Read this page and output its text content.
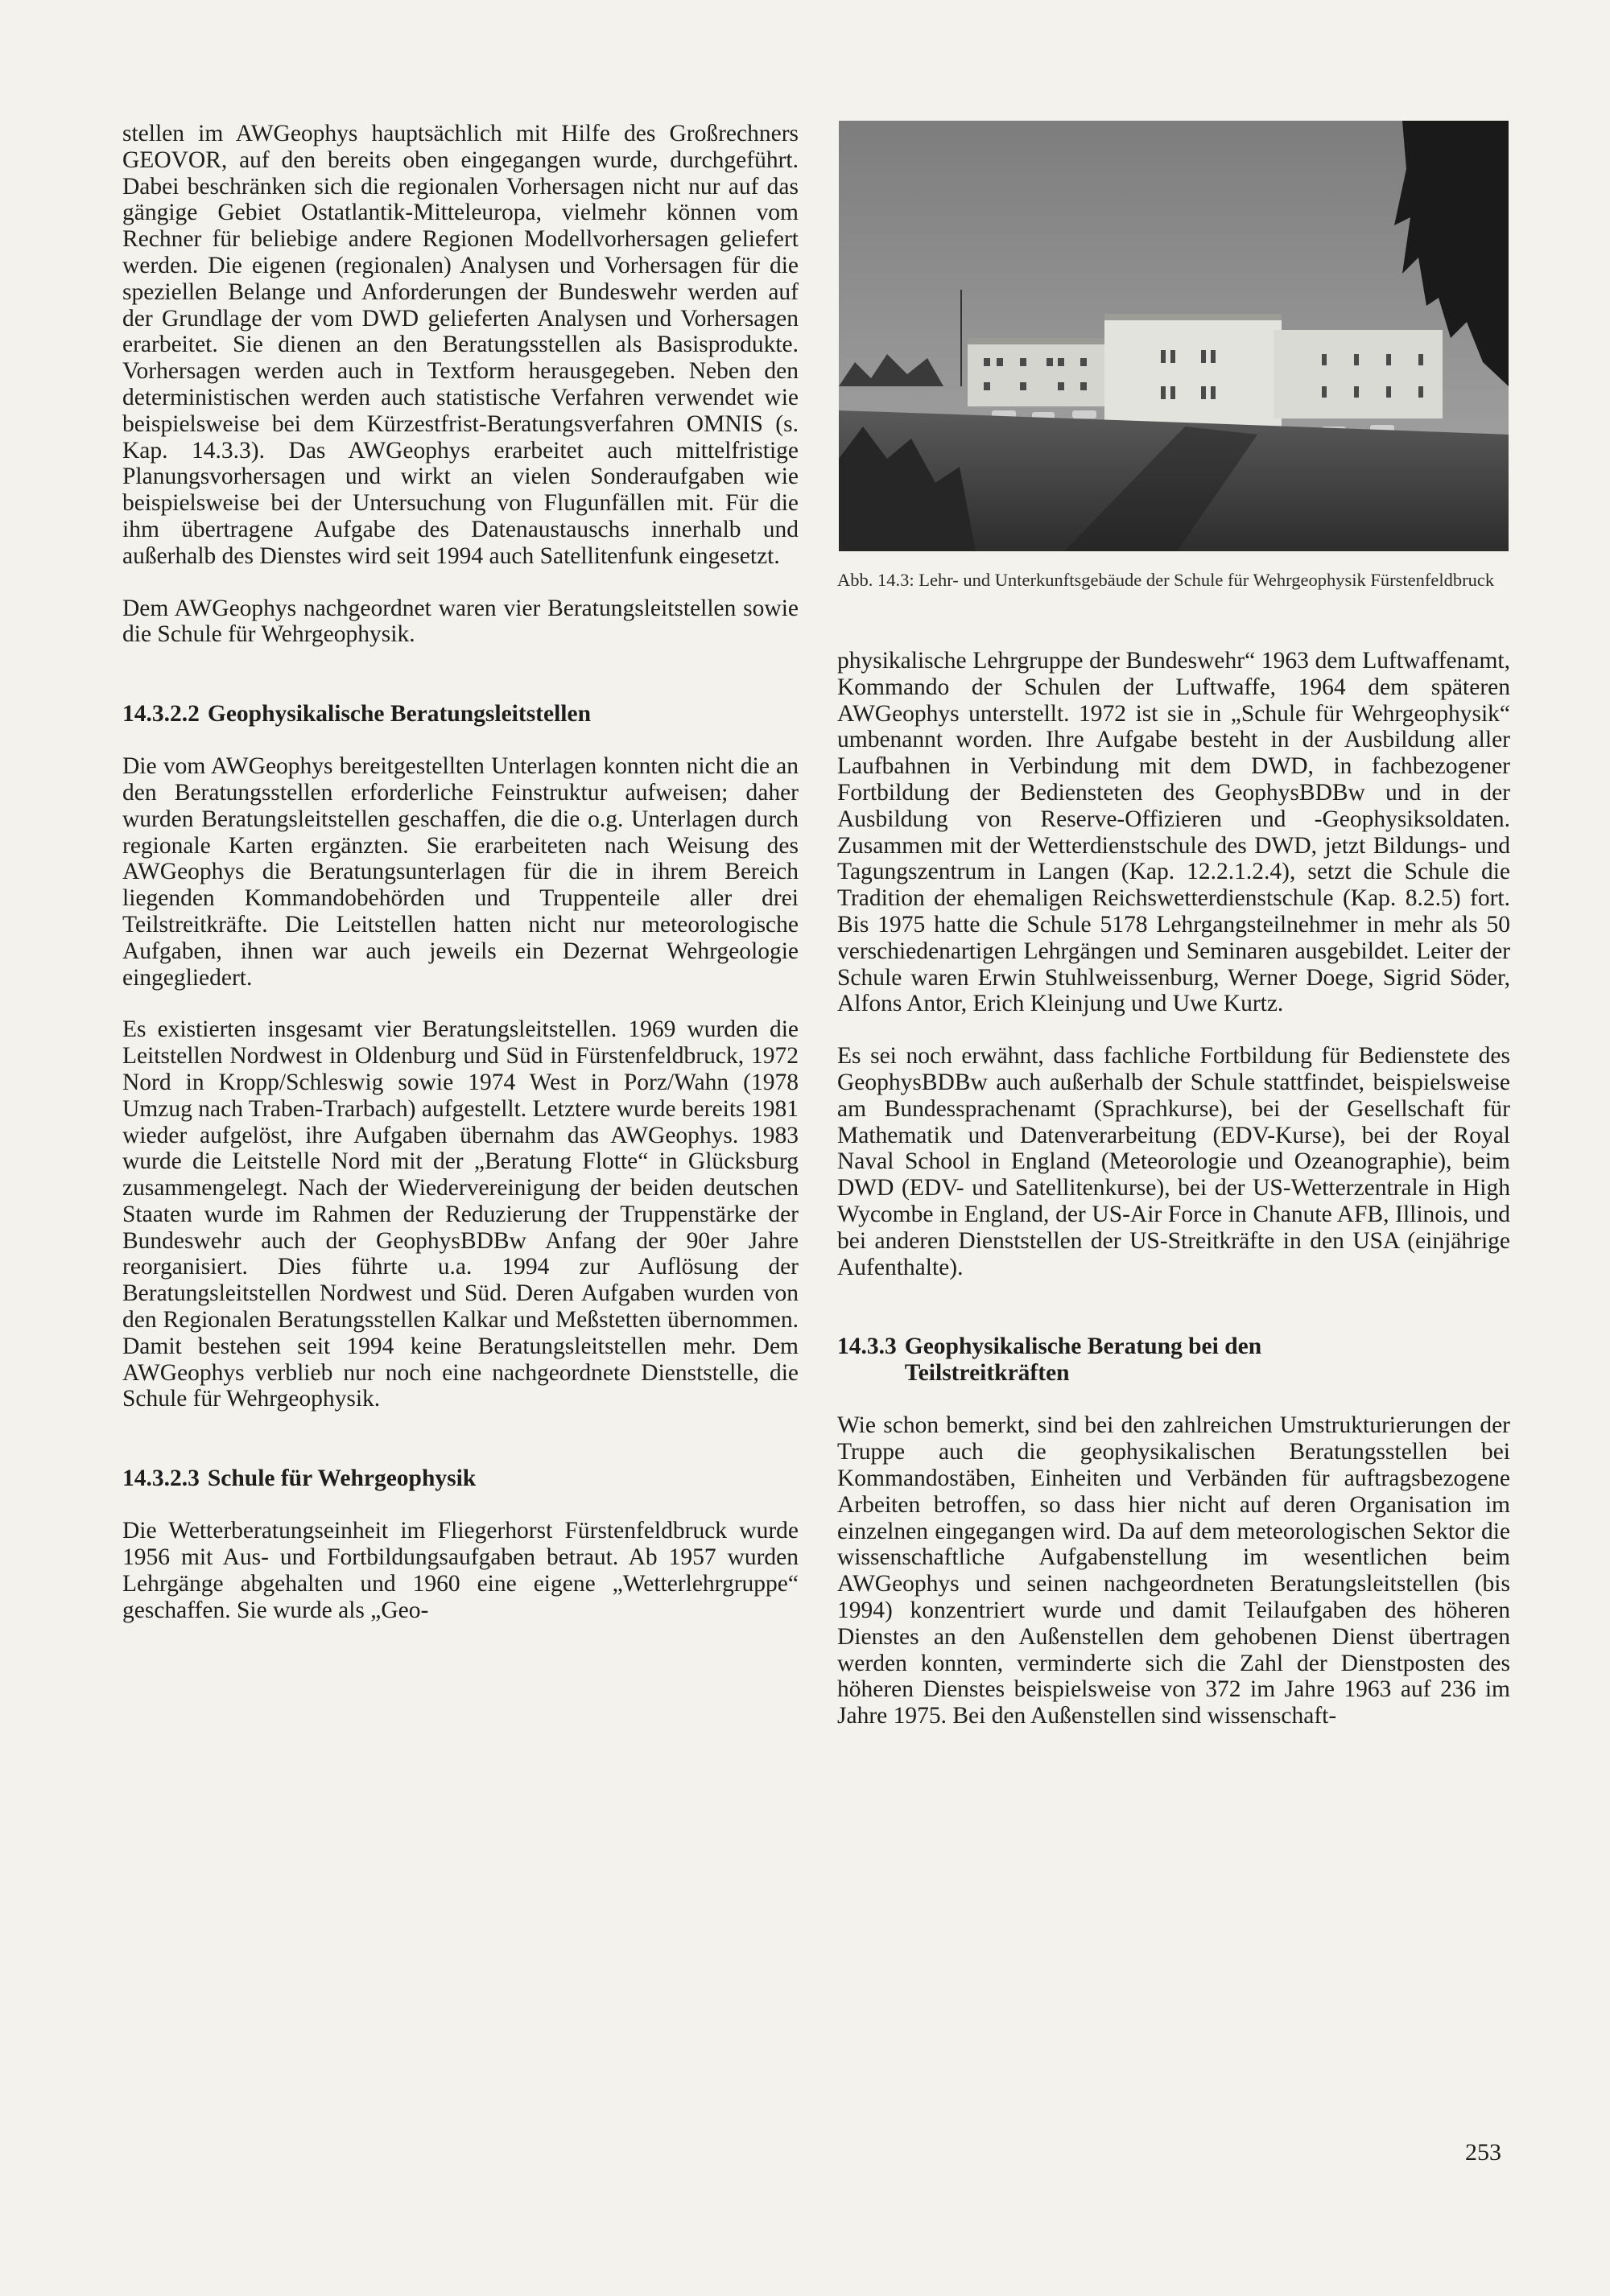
stellen im AWGeophys hauptsächlich mit Hilfe des Großrechners GEOVOR, auf den bereits oben eingegangen wurde, durchgeführt. Dabei beschränken sich die regionalen Vorhersagen nicht nur auf das gängige Gebiet Ostatlantik-Mitteleuropa, vielmehr können vom Rechner für beliebige andere Regionen Modellvorhersagen geliefert werden. Die eigenen (regionalen) Analysen und Vorhersagen für die speziellen Belange und Anforderungen der Bundeswehr werden auf der Grundlage der vom DWD gelieferten Analysen und Vorhersagen erarbeitet. Sie dienen an den Beratungsstellen als Basisprodukte. Vorhersagen werden auch in Textform herausgegeben. Neben den deterministischen werden auch statistische Verfahren verwendet wie beispielsweise bei dem Kürzestfrist-Beratungsverfahren OMNIS (s. Kap. 14.3.3). Das AWGeophys erarbeitet auch mittelfristige Planungsvorhersagen und wirkt an vielen Sonderaufgaben wie beispielsweise bei der Untersuchung von Flugunfällen mit. Für die ihm übertragene Aufgabe des Datenaustauschs innerhalb und außerhalb des Dienstes wird seit 1994 auch Satellitenfunk eingesetzt.

Dem AWGeophys nachgeordnet waren vier Beratungsleitstellen sowie die Schule für Wehrgeophysik.

14.3.2.2 Geophysikalische Beratungsleitstellen

Die vom AWGeophys bereitgestellten Unterlagen konnten nicht die an den Beratungsstellen erforderliche Feinstruktur aufweisen; daher wurden Beratungsleitstellen geschaffen, die die o.g. Unterlagen durch regionale Karten ergänzten. Sie erarbeiteten nach Weisung des AWGeophys die Beratungsunterlagen für die in ihrem Bereich liegenden Kommandobehörden und Truppenteile aller drei Teilstreitkräfte. Die Leitstellen hatten nicht nur meteorologische Aufgaben, ihnen war auch jeweils ein Dezernat Wehrgeologie eingegliedert.

Es existierten insgesamt vier Beratungsleitstellen. 1969 wurden die Leitstellen Nordwest in Oldenburg und Süd in Fürstenfeldbruck, 1972 Nord in Kropp/Schleswig sowie 1974 West in Porz/Wahn (1978 Umzug nach Traben-Trarbach) aufgestellt. Letztere wurde bereits 1981 wieder aufgelöst, ihre Aufgaben übernahm das AWGeophys. 1983 wurde die Leitstelle Nord mit der „Beratung Flotte“ in Glücksburg zusammengelegt. Nach der Wiedervereinigung der beiden deutschen Staaten wurde im Rahmen der Reduzierung der Truppenstärke der Bundeswehr auch der GeophysBDBw Anfang der 90er Jahre reorganisiert. Dies führte u.a. 1994 zur Auflösung der Beratungsleitstellen Nordwest und Süd. Deren Aufgaben wurden von den Regionalen Beratungsstellen Kalkar und Meßstetten übernommen. Damit bestehen seit 1994 keine Beratungsleitstellen mehr. Dem AWGeophys verblieb nur noch eine nachgeordnete Dienststelle, die Schule für Wehrgeophysik.

14.3.2.3 Schule für Wehrgeophysik

Die Wetterberatungseinheit im Fliegerhorst Fürstenfeldbruck wurde 1956 mit Aus- und Fortbildungsaufgaben betraut. Ab 1957 wurden Lehrgänge abgehalten und 1960 eine eigene „Wetterlehrgruppe“ geschaffen. Sie wurde als „Geo-

Abb. 14.3: Lehr- und Unterkunftsgebäude der Schule für Wehrgeophysik Fürstenfeldbruck

physikalische Lehrgruppe der Bundeswehr“ 1963 dem Luftwaffenamt, Kommando der Schulen der Luftwaffe, 1964 dem späteren AWGeophys unterstellt. 1972 ist sie in „Schule für Wehrgeophysik“ umbenannt worden. Ihre Aufgabe besteht in der Ausbildung aller Laufbahnen in Verbindung mit dem DWD, in fachbezogener Fortbildung der Bediensteten des GeophysBDBw und in der Ausbildung von Reserve-Offizieren und -Geophysiksoldaten. Zusammen mit der Wetterdienstschule des DWD, jetzt Bildungs- und Tagungszentrum in Langen (Kap. 12.2.1.2.4), setzt die Schule die Tradition der ehemaligen Reichswetterdienstschule (Kap. 8.2.5) fort. Bis 1975 hatte die Schule 5178 Lehrgangsteilnehmer in mehr als 50 verschiedenartigen Lehrgängen und Seminaren ausgebildet. Leiter der Schule waren Erwin Stuhlweissenburg, Werner Doege, Sigrid Söder, Alfons Antor, Erich Kleinjung und Uwe Kurtz.

Es sei noch erwähnt, dass fachliche Fortbildung für Bedienstete des GeophysBDBw auch außerhalb der Schule stattfindet, beispielsweise am Bundessprachenamt (Sprachkurse), bei der Gesellschaft für Mathematik und Datenverarbeitung (EDV-Kurse), bei der Royal Naval School in England (Meteorologie und Ozeanographie), beim DWD (EDV- und Satellitenkurse), bei der US-Wetterzentrale in High Wycombe in England, der US-Air Force in Chanute AFB, Illinois, und bei anderen Dienststellen der US-Streitkräfte in den USA (einjährige Aufenthalte).

14.3.3 Geophysikalische Beratung bei den Teilstreitkräften

Wie schon bemerkt, sind bei den zahlreichen Umstrukturierungen der Truppe auch die geophysikalischen Beratungsstellen bei Kommandostäben, Einheiten und Verbänden für auftragsbezogene Arbeiten betroffen, so dass hier nicht auf deren Organisation im einzelnen eingegangen wird. Da auf dem meteorologischen Sektor die wissenschaftliche Aufgabenstellung im wesentlichen beim AWGeophys und seinen nachgeordneten Beratungsleitstellen (bis 1994) konzentriert wurde und damit Teilaufgaben des höheren Dienstes an den Außenstellen dem gehobenen Dienst übertragen werden konnten, verminderte sich die Zahl der Dienstposten des höheren Dienstes beispielsweise von 372 im Jahre 1963 auf 236 im Jahre 1975. Bei den Außenstellen sind wissenschaft-

253
